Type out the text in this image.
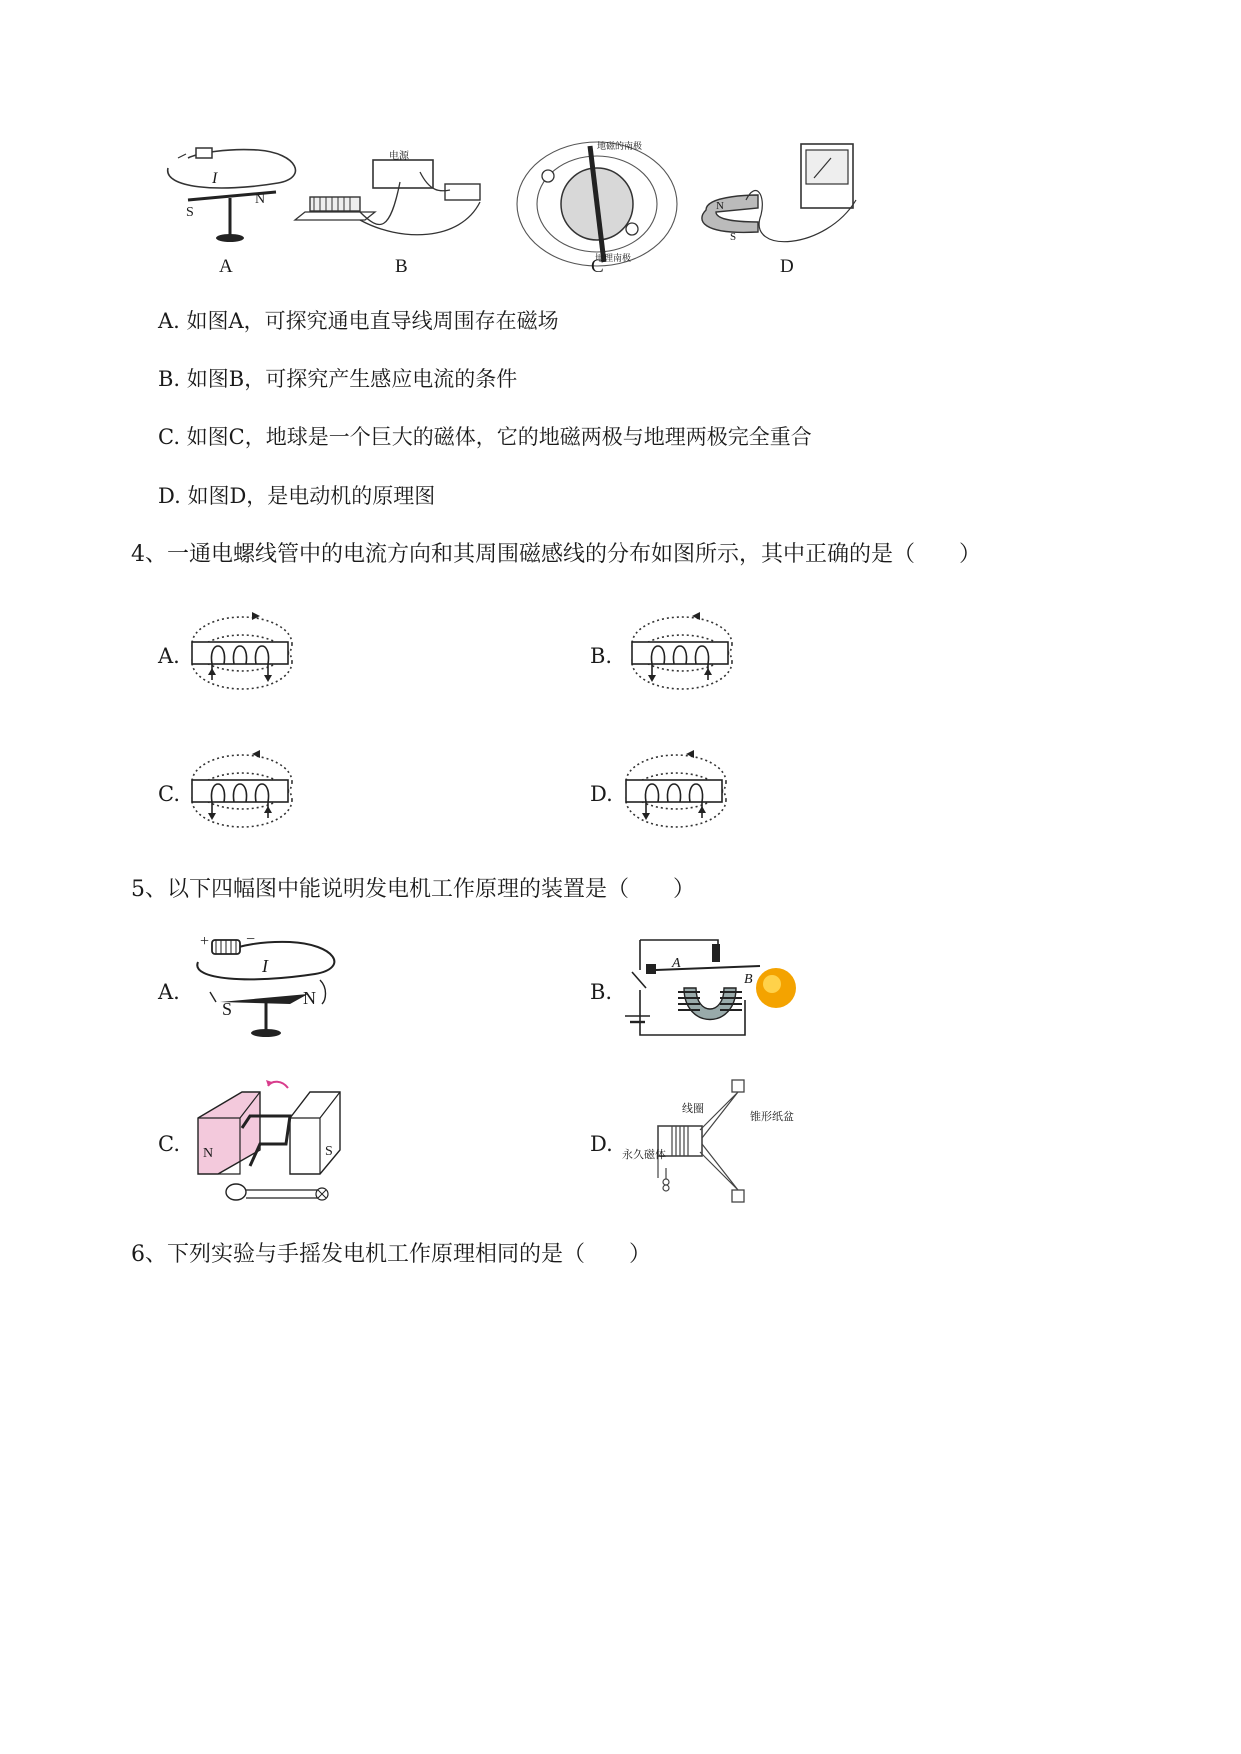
I
S
N
电源
地磁的南极
地理南极
N
S
A	B	C	D
A. 如图A，可探究通电直导线周围存在磁场
B. 如图B，可探究产生感应电流的条件
C. 如图C，地球是一个巨大的磁体，它的地磁两极与地理两极完全重合
D. 如图D，是电动机的原理图
4、一通电螺线管中的电流方向和其周围磁感线的分布如图所示，其中正确的是（　　）
A.	B.
C.	D.
5、以下四幅图中能说明发电机工作原理的装置是（　　）
A.
+ −
I
S
N	B.
A
B
C. N	S	D.
线圈
锥形纸盆
永久磁体
6、下列实验与手摇发电机工作原理相同的是（　　）
